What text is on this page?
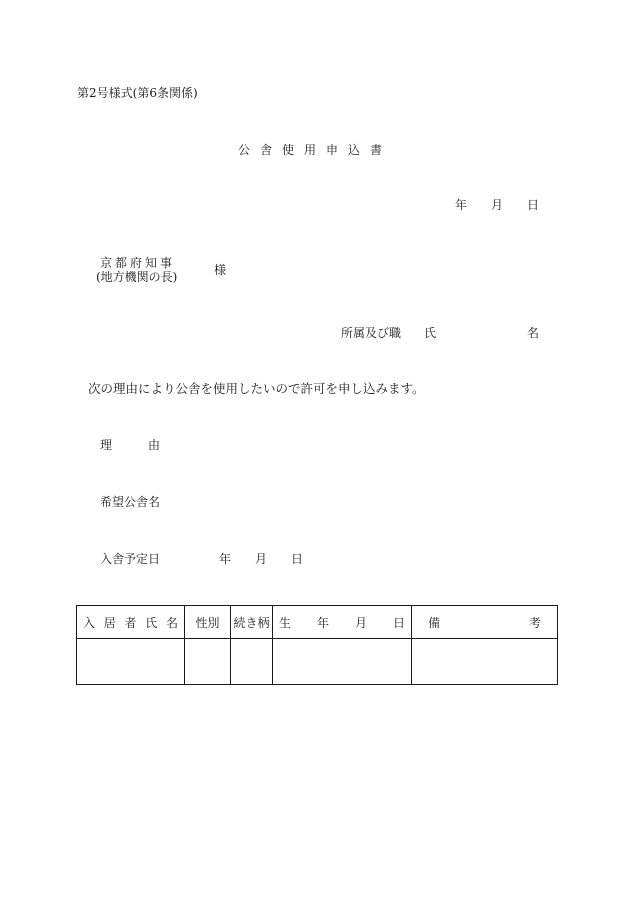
第2号様式(第6条関係)
公舎使用申込書
年 月 日
京都府知事
(地方機関の長)	様
所属及び職 氏	名
次の理由により公舎を使用したいので許可を申し込みます。
理	由
希望公舎名
入舎予定日	年 月 日
入 居 者 氏 名	性別	続き柄	生 年 月 日	備 考
